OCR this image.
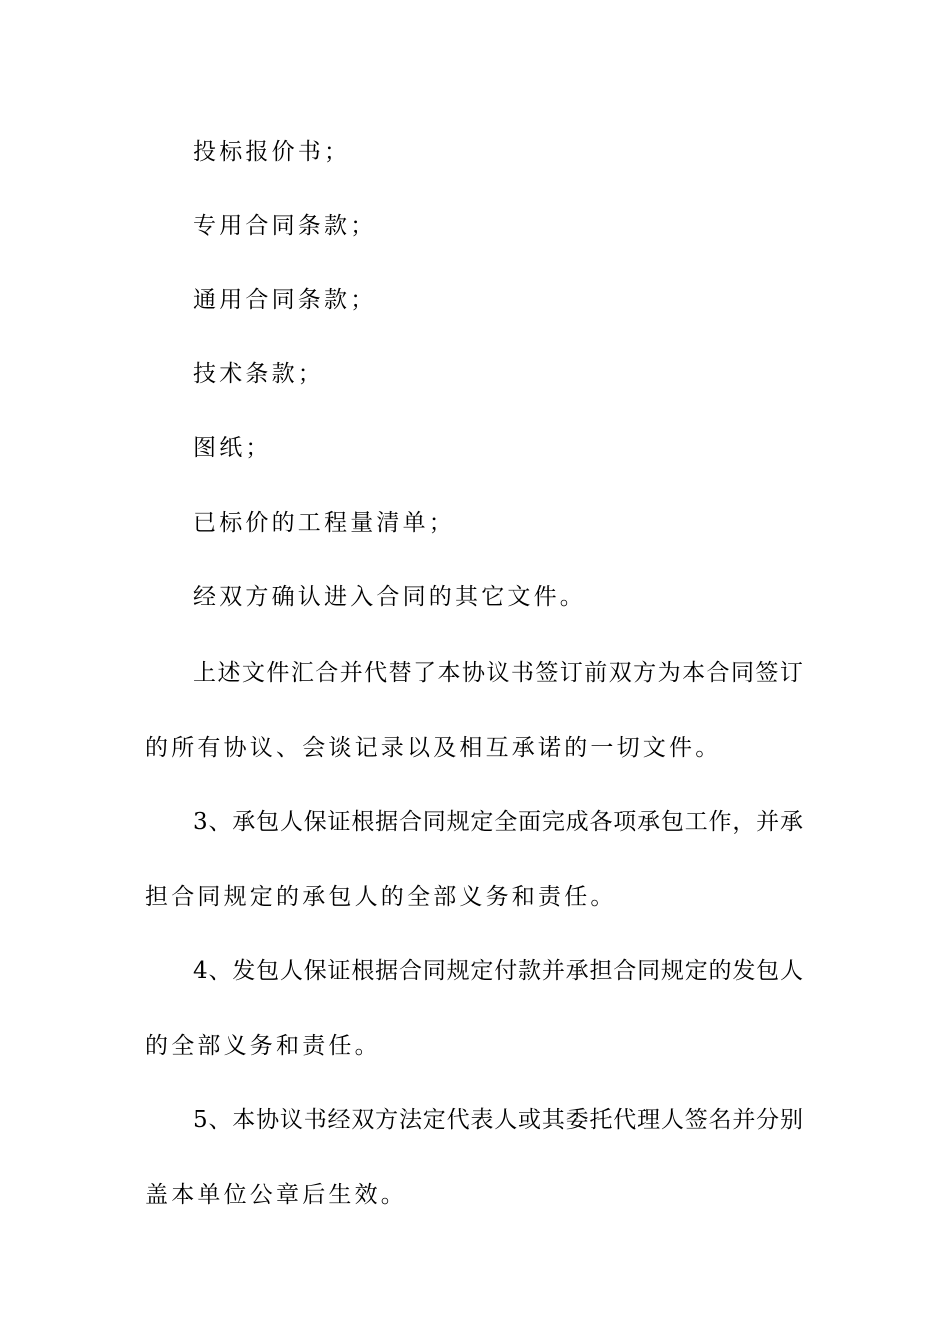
投标报价书；
专用合同条款；
通用合同条款；
技术条款；
图纸；
已标价的工程量清单；
经双方确认进入合同的其它文件。
上 述 文 件 汇 合 并 代 替 了 本 协 议 书 签 订 前 双 方 为 本 合 同 签 订
的所有协议、会谈记录以及相互承诺的一切文件。
3 、 承 包 人 保 证 根 据 合 同 规 定 全 面 完 成 各 项 承 包 工 作 ， 并 承
担合同规定的承包人的全部义务和责任。
4 、 发 包 人 保 证 根 据 合 同 规 定 付 款 并 承 担 合 同 规 定 的 发 包 人
的全部义务和责任。
5 、 本 协 议 书 经 双 方 法 定 代 表 人 或 其 委 托 代 理 人 签 名 并 分 别
盖本单位公章后生效。
